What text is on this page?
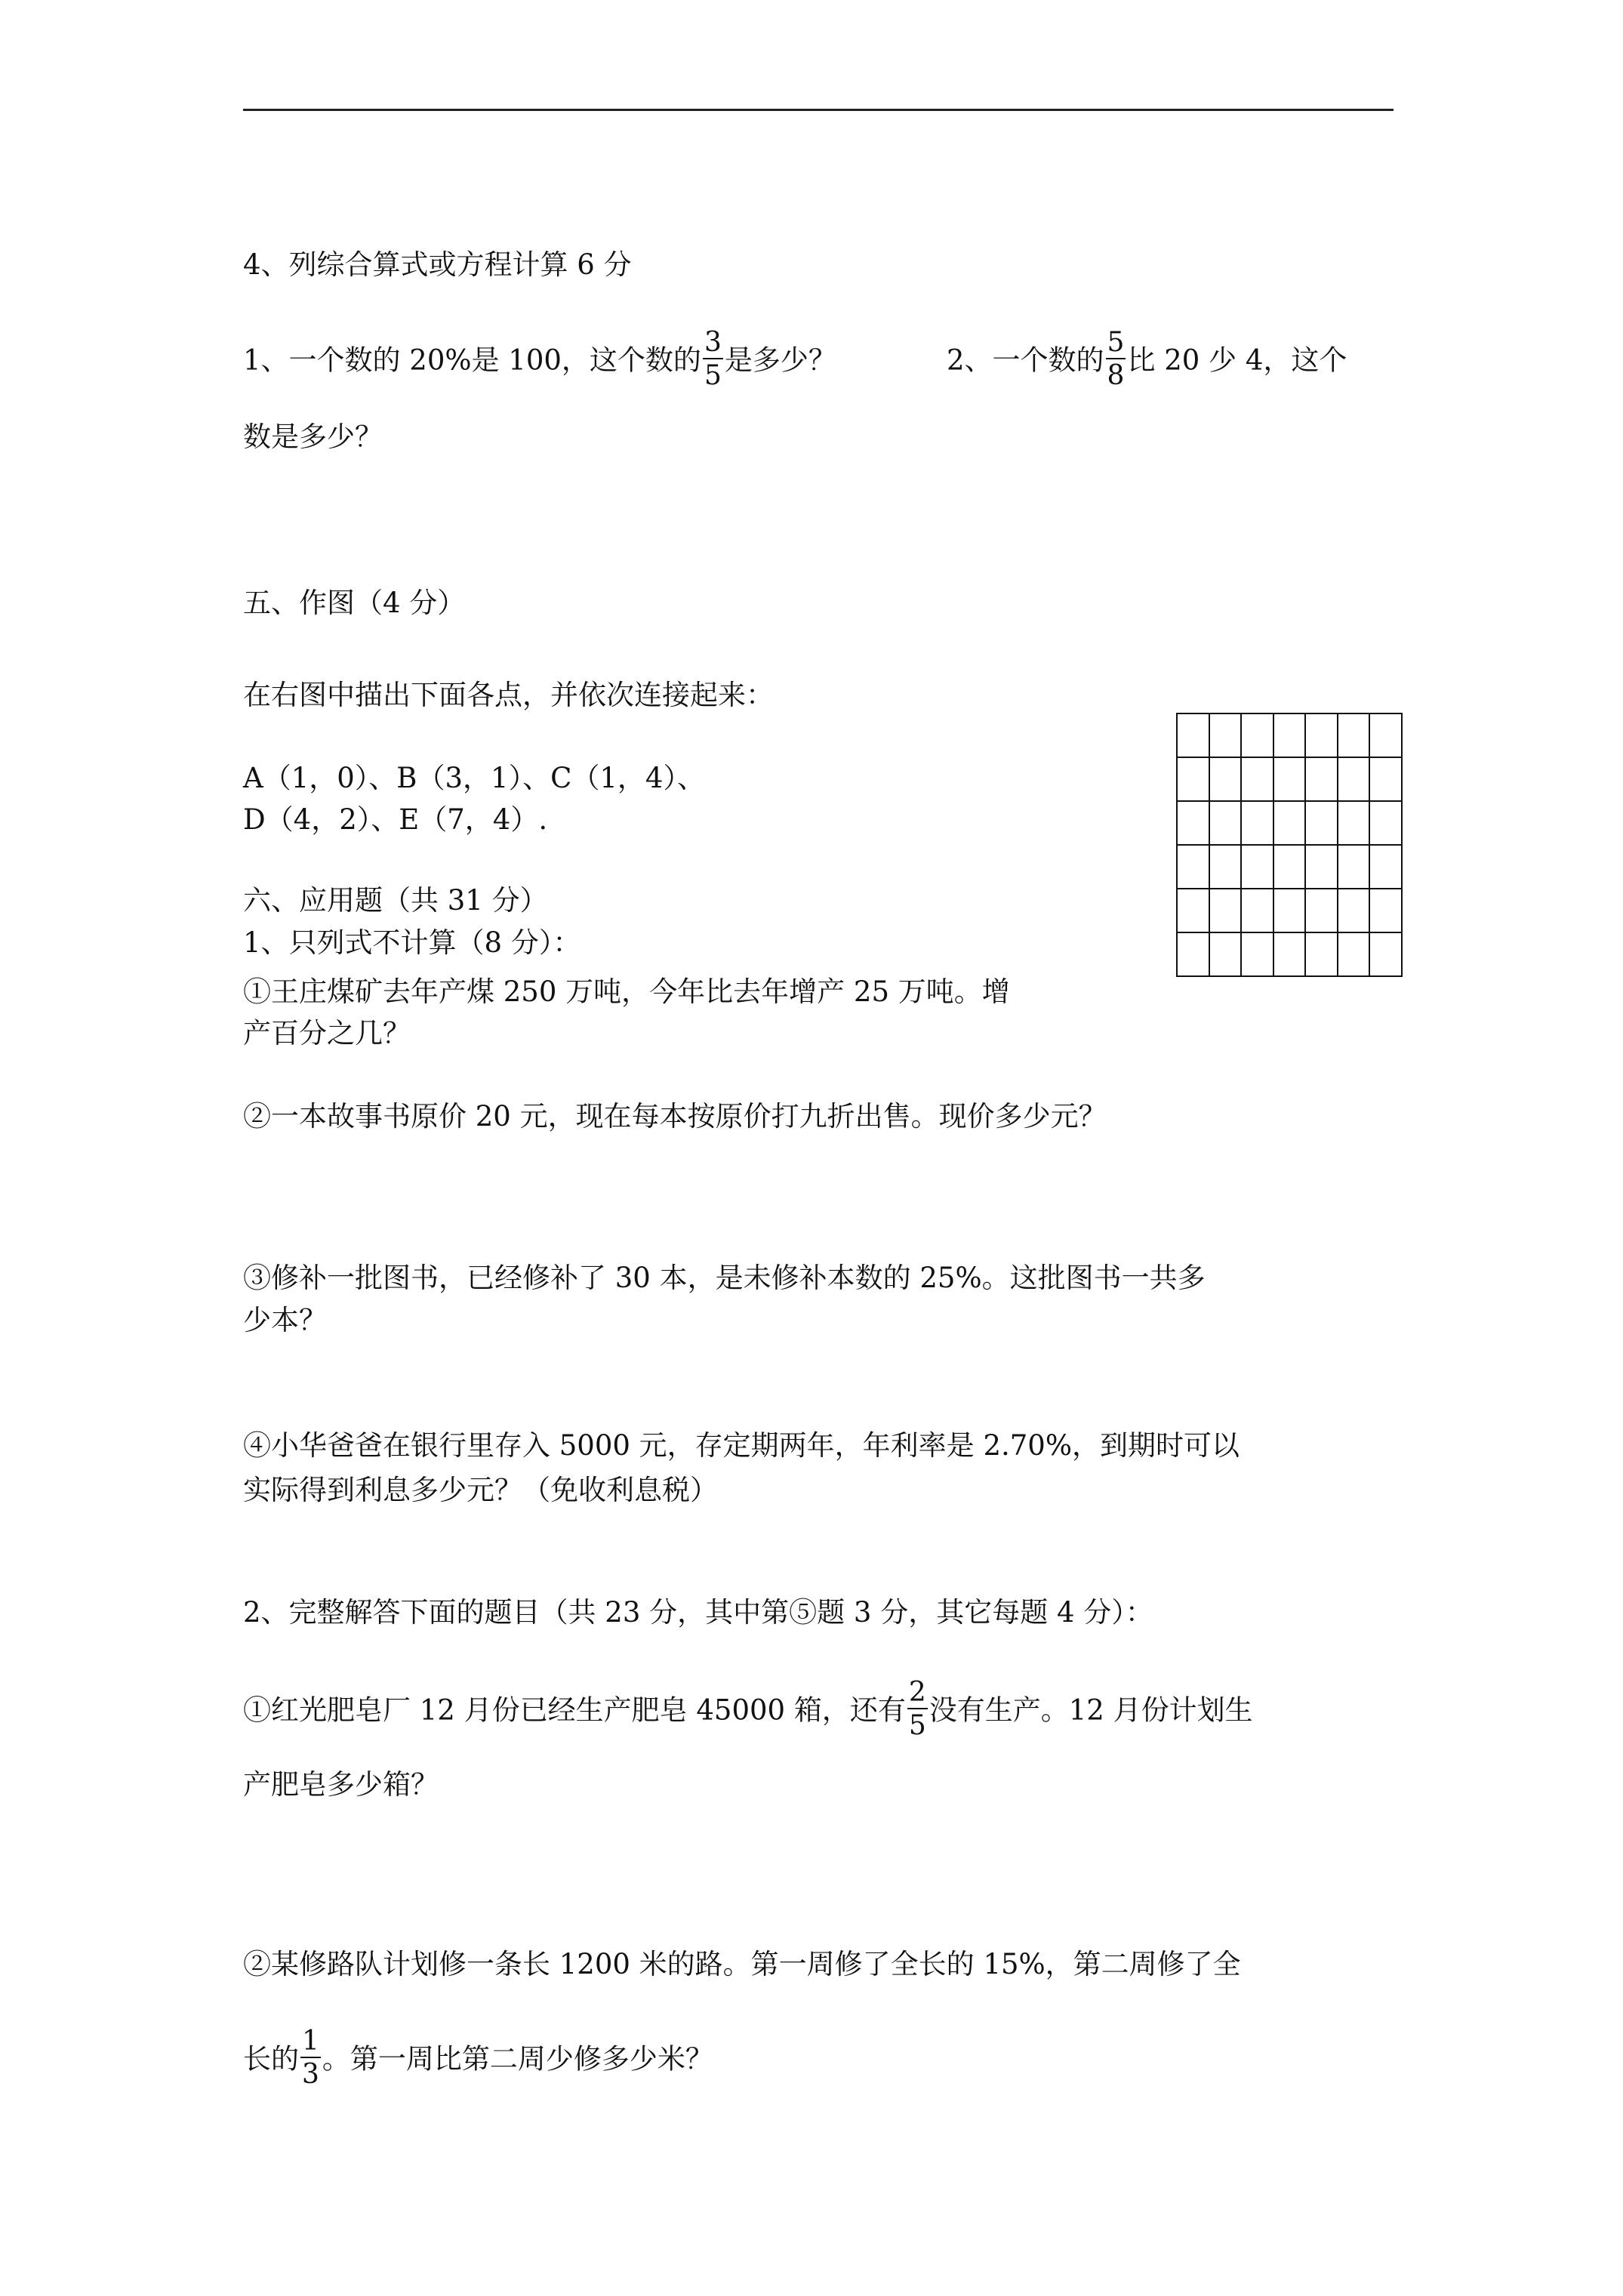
4、列综合算式或方程计算 6 分
1、一个数的 20%是 100，这个数的 $\frac{3}{5}$ 是多少？	2、一个数的 $\frac{5}{8}$ 比 20 少 4，这个
数是多少？
五、作图（4 分）
在右图中描出下面各点，并依次连接起来：
A（1，0）、B（3，1）、C（1，4）、
D（4，2）、E（7，4）.

六、应用题（共 31 分）
1、只列式不计算（8 分）：
①王庄煤矿去年产煤 250 万吨，今年比去年增产 25 万吨。增
产百分之几？
②一本故事书原价 20 元，现在每本按原价打九折出售。现价多少元？
③修补一批图书，已经修补了 30 本，是未修补本数的 25%。这批图书一共多
少本？
④小华爸爸在银行里存入 5000 元，存定期两年，年利率是 2.70%，到期时可以
实际得到利息多少元？（免收利息税）
2、完整解答下面的题目（共 23 分，其中第⑤题 3 分，其它每题 4 分）：
①红光肥皂厂 12 月份已经生产肥皂 45000 箱，还有 $\frac{2}{5}$ 没有生产。12 月份计划生
产肥皂多少箱？
②某修路队计划修一条长 1200 米的路。第一周修了全长的 15%，第二周修了全
长的 $\frac{1}{3}$ 。第一周比第二周少修多少米？
